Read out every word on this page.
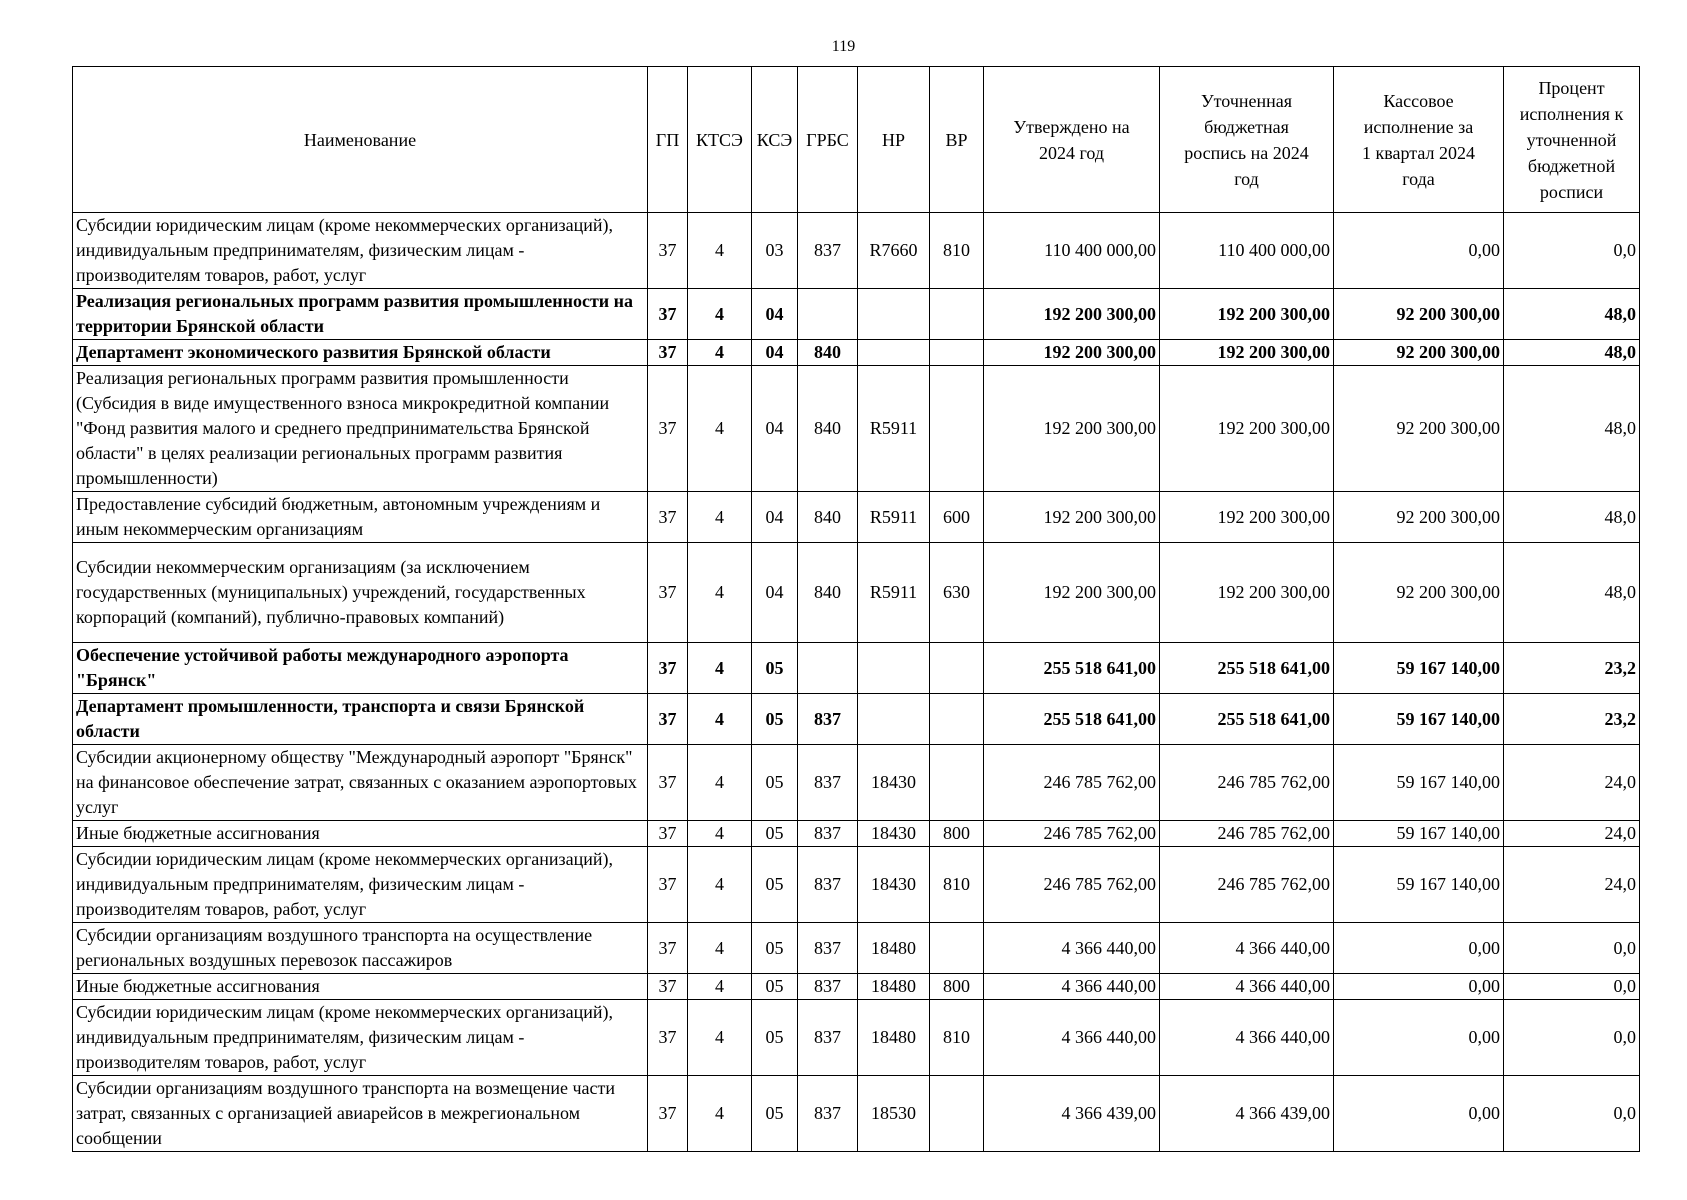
119
Наименование	ГП	КТСЭ	КСЭ	ГРБС	НР	ВР	Утверждено на 2024 год	Уточненная бюджетная роспись на 2024 год	Кассовое исполнение за 1 квартал 2024 года	Процент исполнения к уточненной бюджетной росписи
Субсидии юридическим лицам (кроме некоммерческих организаций), индивидуальным предпринимателям, физическим лицам - производителям товаров, работ, услуг	37	4	03	837	R7660	810	110 400 000,00	110 400 000,00	0,00	0,0
Реализация региональных программ развития промышленности на территории Брянской области	37	4	04				192 200 300,00	192 200 300,00	92 200 300,00	48,0
Департамент экономического развития Брянской области	37	4	04	840			192 200 300,00	192 200 300,00	92 200 300,00	48,0
Реализация региональных программ развития промышленности (Субсидия в виде имущественного взноса микрокредитной компании "Фонд развития малого и среднего предпринимательства Брянской области" в целях реализации региональных программ развития промышленности)	37	4	04	840	R5911		192 200 300,00	192 200 300,00	92 200 300,00	48,0
Предоставление субсидий бюджетным, автономным учреждениям и иным некоммерческим организациям	37	4	04	840	R5911	600	192 200 300,00	192 200 300,00	92 200 300,00	48,0
Субсидии некоммерческим организациям (за исключением государственных (муниципальных) учреждений, государственных корпораций (компаний), публично-правовых компаний)	37	4	04	840	R5911	630	192 200 300,00	192 200 300,00	92 200 300,00	48,0
Обеспечение устойчивой работы международного аэропорта "Брянск"	37	4	05				255 518 641,00	255 518 641,00	59 167 140,00	23,2
Департамент промышленности, транспорта и связи Брянской области	37	4	05	837			255 518 641,00	255 518 641,00	59 167 140,00	23,2
Субсидии акционерному обществу "Международный аэропорт "Брянск" на финансовое обеспечение затрат, связанных с оказанием аэропортовых услуг	37	4	05	837	18430		246 785 762,00	246 785 762,00	59 167 140,00	24,0
Иные бюджетные ассигнования	37	4	05	837	18430	800	246 785 762,00	246 785 762,00	59 167 140,00	24,0
Субсидии юридическим лицам (кроме некоммерческих организаций), индивидуальным предпринимателям, физическим лицам - производителям товаров, работ, услуг	37	4	05	837	18430	810	246 785 762,00	246 785 762,00	59 167 140,00	24,0
Субсидии организациям воздушного транспорта на осуществление региональных воздушных перевозок пассажиров	37	4	05	837	18480		4 366 440,00	4 366 440,00	0,00	0,0
Иные бюджетные ассигнования	37	4	05	837	18480	800	4 366 440,00	4 366 440,00	0,00	0,0
Субсидии юридическим лицам (кроме некоммерческих организаций), индивидуальным предпринимателям, физическим лицам - производителям товаров, работ, услуг	37	4	05	837	18480	810	4 366 440,00	4 366 440,00	0,00	0,0
Субсидии организациям воздушного транспорта на возмещение части затрат, связанных с организацией авиарейсов в межрегиональном сообщении	37	4	05	837	18530		4 366 439,00	4 366 439,00	0,00	0,0
